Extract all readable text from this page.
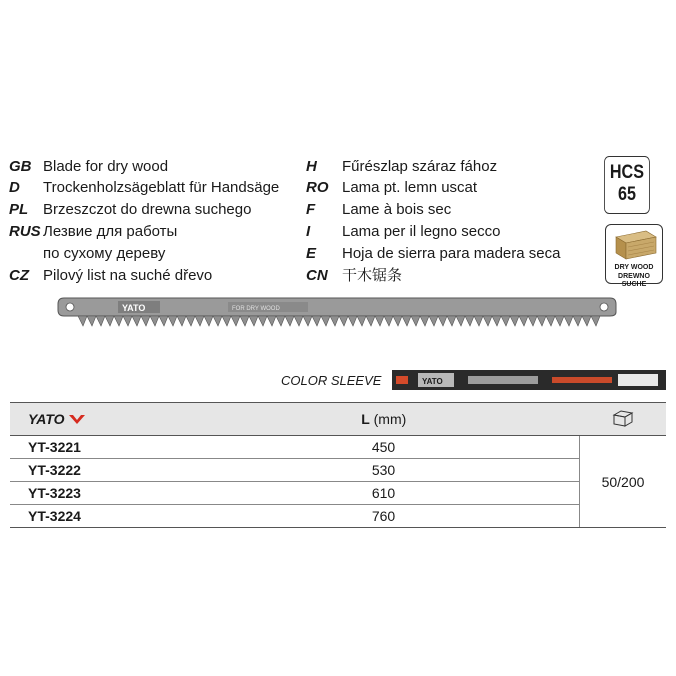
GB Blade for dry wood
D Trockenholzsägeblatt für Handsäge
PL Brzeszczot do drewna suchego
RUS Лезвие для работы
по сухому дереву
CZ Pilový list na suché dřevo
H Fűrészlap száraz fához
RO Lama pt. lemn uscat
F Lame à bois sec
I Lama per il legno secco
E Hoja de sierra para madera seca
CN 干木锯条
HCS
65
DRY WOOD
DREWNO SUCHE
YATO	FOR DRY WOOD
COLOR SLEEVE	YATO
YATO	L (mm)	
YT-3221	450	50/200
YT-3222	530	
YT-3223	610	
YT-3224	760	
